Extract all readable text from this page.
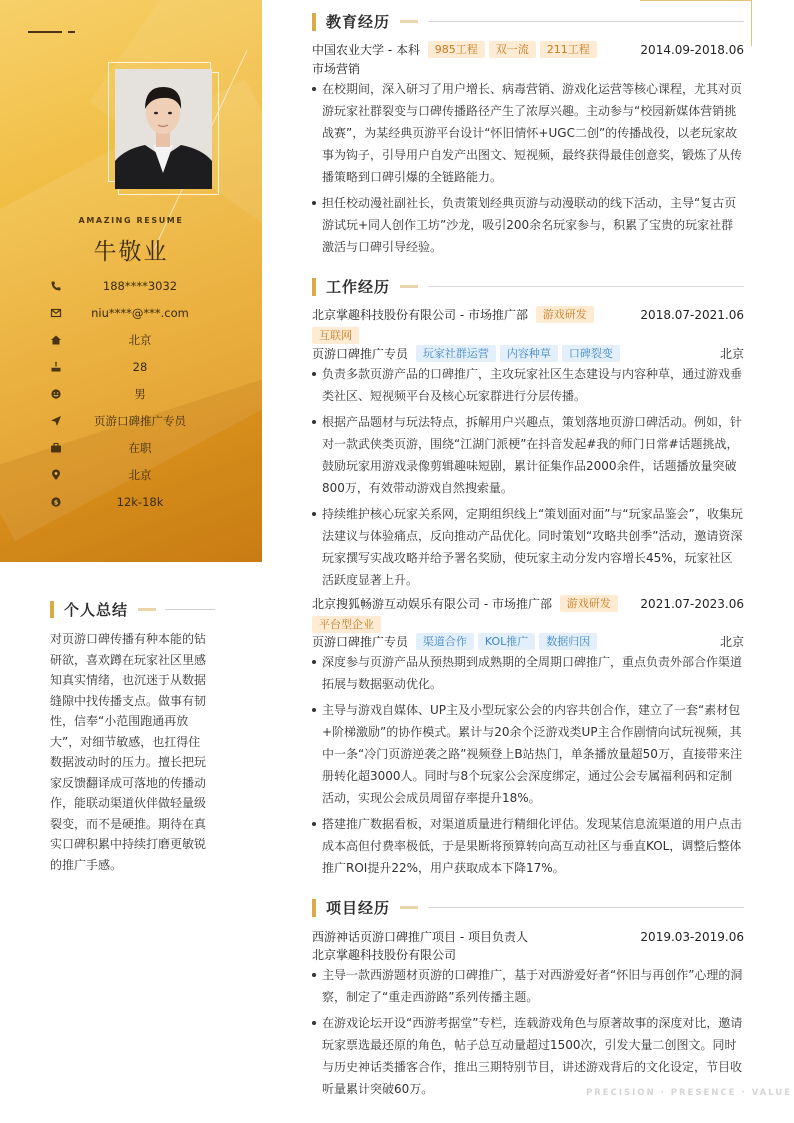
AMAZING RESUME
牛敬业
188****3032
niu****@***.com
北京
28
男
页游口碑推广专员
在职
北京
$	12k-18k
个人总结
对页游口碑传播有种本能的钻研欲，喜欢蹲在玩家社区里感知真实情绪，也沉迷于从数据缝隙中找传播支点。做事有韧性，信奉“小范围跑通再放大”，对细节敏感，也扛得住数据波动时的压力。擅长把玩家反馈翻译成可落地的传播动作，能联动渠道伙伴做轻量级裂变，而不是硬推。期待在真实口碑积累中持续打磨更敏锐的推广手感。
教育经历
中国农业大学 - 本科 985工程 双一流 211工程	2014.09-2018.06
市场营销
在校期间，深入研习了用户增长、病毒营销、游戏化运营等核心课程，尤其对页游玩家社群裂变与口碑传播路径产生了浓厚兴趣。主动参与“校园新媒体营销挑战赛”，为某经典页游平台设计“怀旧情怀+UGC二创”的传播战役，以老玩家故事为钩子，引导用户自发产出图文、短视频，最终获得最佳创意奖，锻炼了从传播策略到口碑引爆的全链路能力。
担任校动漫社副社长，负责策划经典页游与动漫联动的线下活动，主导“复古页游试玩+同人创作工坊”沙龙，吸引200余名玩家参与，积累了宝贵的玩家社群激活与口碑引导经验。
工作经历
北京掌趣科技股份有限公司 - 市场推广部 游戏研发	2018.07-2021.06
互联网
页游口碑推广专员 玩家社群运营 内容种草 口碑裂变	北京
负责多款页游产品的口碑推广，主攻玩家社区生态建设与内容种草，通过游戏垂类社区、短视频平台及核心玩家群进行分层传播。
根据产品题材与玩法特点，拆解用户兴趣点，策划落地页游口碑活动。例如，针对一款武侠类页游，围绕“江湖门派梗”在抖音发起#我的师门日常#话题挑战，鼓励玩家用游戏录像剪辑趣味短剧，累计征集作品2000余件，话题播放量突破800万，有效带动游戏自然搜索量。
持续维护核心玩家关系网，定期组织线上“策划面对面”与“玩家品鉴会”，收集玩法建议与体验痛点，反向推动产品优化。同时策划“攻略共创季”活动，邀请资深玩家撰写实战攻略并给予署名奖励，使玩家主动分发内容增长45%，玩家社区活跃度显著上升。
北京搜狐畅游互动娱乐有限公司 - 市场推广部 游戏研发 2021.07-2023.06
平台型企业
页游口碑推广专员 渠道合作 KOL推广 数据归因	北京
深度参与页游产品从预热期到成熟期的全周期口碑推广，重点负责外部合作渠道拓展与数据驱动优化。
主导与游戏自媒体、UP主及小型玩家公会的内容共创合作，建立了一套“素材包+阶梯激励”的协作模式。累计与20余个泛游戏类UP主合作剧情向试玩视频，其中一条“冷门页游逆袭之路”视频登上B站热门，单条播放量超50万，直接带来注册转化超3000人。同时与8个玩家公会深度绑定，通过公会专属福利码和定制活动，实现公会成员周留存率提升18%。
搭建推广数据看板，对渠道质量进行精细化评估。发现某信息流渠道的用户点击成本高但付费率极低，于是果断将预算转向高互动社区与垂直KOL，调整后整体推广ROI提升22%，用户获取成本下降17%。
项目经历
西游神话页游口碑推广项目 - 项目负责人	2019.03-2019.06
北京掌趣科技股份有限公司
主导一款西游题材页游的口碑推广，基于对西游爱好者“怀旧与再创作”心理的洞察，制定了“重走西游路”系列传播主题。
在游戏论坛开设“西游考据堂”专栏，连载游戏角色与原著故事的深度对比，邀请玩家票选最还原的角色，帖子总互动量超过1500次，引发大量二创图文。同时与历史神话类播客合作，推出三期特别节目，讲述游戏背后的文化设定，节目收听量累计突破60万。	PRECISION · PRESENCE · VALUE
